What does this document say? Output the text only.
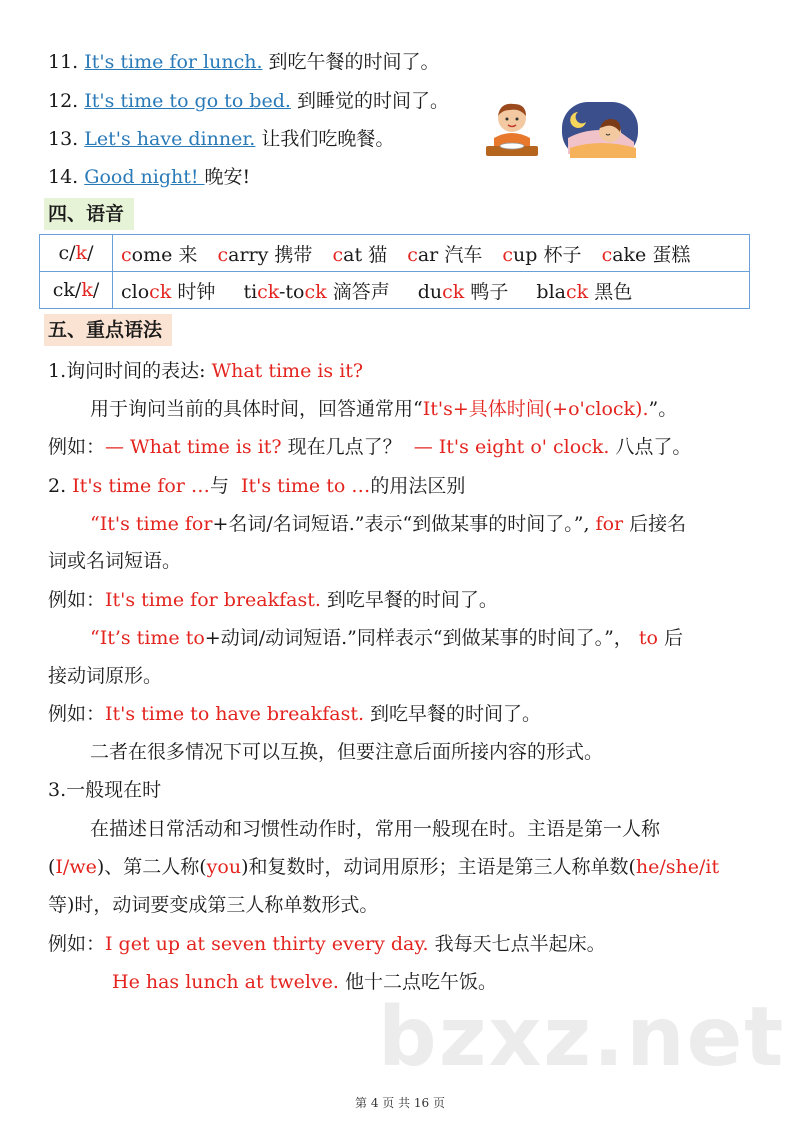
11. It's time for lunch. 到吃午餐的时间了。
12. It's time to go to bed. 到睡觉的时间了。
13. Let's have dinner. 让我们吃晚餐。
14. Good night! 晚安!
四、语音
c/k/	come 来 carry 携带 cat 猫 car 汽车 cup 杯子 cake 蛋糕
ck/k/	clock 时钟 tick-tock 滴答声 duck 鸭子 black 黑色
五、重点语法
1.询问时间的表达: What time is it?
用于询问当前的具体时间，回答通常用“It's+具体时间(+o'clock).”。
例如：— What time is it? 现在几点了？  — It's eight o' clock. 八点了。
2. It's time for …与  It's time to …的用法区别
“It's time for+名词/名词短语.”表示“到做某事的时间了。”, for 后接名
词或名词短语。
例如：It's time for breakfast. 到吃早餐的时间了。
“It’s time to+动词/动词短语.”同样表示“到做某事的时间了。”， to 后
接动词原形。
例如：It's time to have breakfast. 到吃早餐的时间了。
二者在很多情况下可以互换，但要注意后面所接内容的形式。
3.一般现在时
在描述日常活动和习惯性动作时，常用一般现在时。主语是第一人称
(I/we)、第二人称(you)和复数时，动词用原形；主语是第三人称单数(he/she/it
等)时，动词要变成第三人称单数形式。
例如：I get up at seven thirty every day. 我每天七点半起床。
He has lunch at twelve. 他十二点吃午饭。
bzxz.net
第 4 页 共 16 页
